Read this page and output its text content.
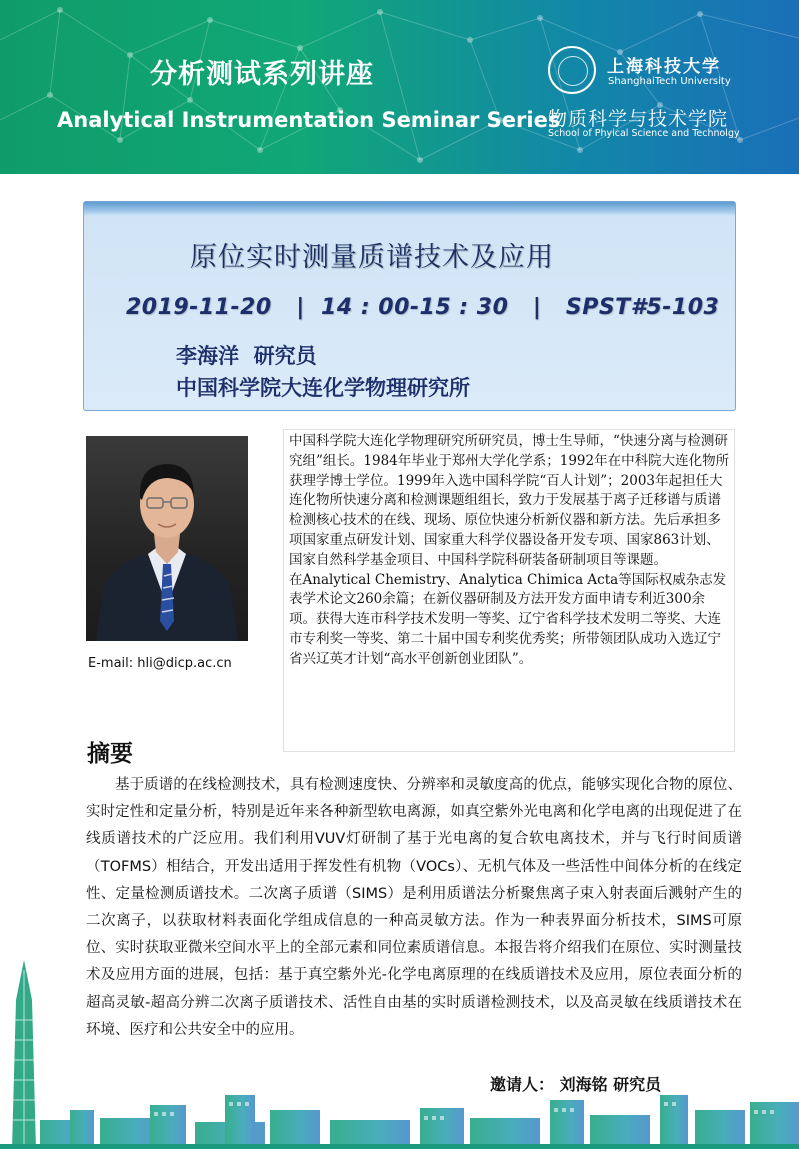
分析测试系列讲座
Analytical Instrumentation Seminar Series
上海科技大学
ShanghaiTech University
物质科学与技术学院
School of Phyical Science and Technolgy
原位实时测量质谱技术及应用
2019-11-20   |  14 : 00-15 : 30   |   SPST#5-103
李海洋  研究员
中国科学院大连化学物理研究所
E-mail: hli@dicp.ac.cn

中国科学院大连化学物理研究所研究员，博士生导师，“快速分离与检测研究组”组长。1984年毕业于郑州大学化学系；1992年在中科院大连化物所获理学博士学位。1999年入选中国科学院“百人计划”；2003年起担任大连化物所快速分离和检测课题组组长，致力于发展基于离子迁移谱与质谱检测核心技术的在线、现场、原位快速分析新仪器和新方法。先后承担多项国家重点研发计划、国家重大科学仪器设备开发专项、国家863计划、国家自然科学基金项目、中国科学院科研装备研制项目等课题。

在Analytical Chemistry、Analytica Chimica Acta等国际权威杂志发表学术论文260余篇；在新仪器研制及方法开发方面申请专利近300余项。获得大连市科学技术发明一等奖、辽宁省科学技术发明二等奖、大连市专利奖一等奖、第二十届中国专利奖优秀奖；所带领团队成功入选辽宁省兴辽英才计划“高水平创新创业团队”。

摘要
基于质谱的在线检测技术，具有检测速度快、分辨率和灵敏度高的优点，能够实现化合物的原位、实时定性和定量分析，特别是近年来各种新型软电离源，如真空紫外光电离和化学电离的出现促进了在线质谱技术的广泛应用。我们利用VUV灯研制了基于光电离的复合软电离技术，并与飞行时间质谱（TOFMS）相结合，开发出适用于挥发性有机物（VOCs）、无机气体及一些活性中间体分析的在线定性、定量检测质谱技术。二次离子质谱（SIMS）是利用质谱法分析聚焦离子束入射表面后溅射产生的二次离子，以获取材料表面化学组成信息的一种高灵敏方法。作为一种表界面分析技术，SIMS可原位、实时获取亚微米空间水平上的全部元素和同位素质谱信息。本报告将介绍我们在原位、实时测量技术及应用方面的进展，包括：基于真空紫外光-化学电离原理的在线质谱技术及应用，原位表面分析的超高灵敏-超高分辨二次离子质谱技术、活性自由基的实时质谱检测技术，以及高灵敏在线质谱技术在环境、医疗和公共安全中的应用。
邀请人： 刘海铭 研究员
